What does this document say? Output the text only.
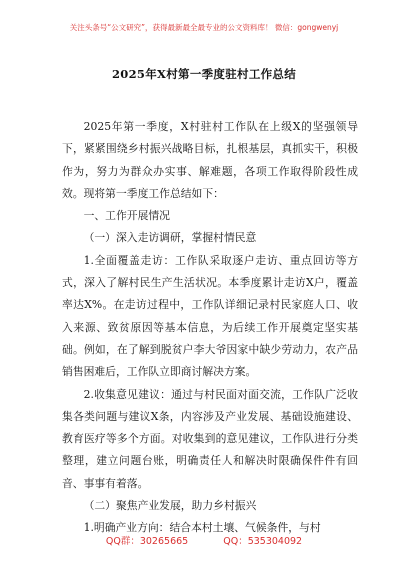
关注头条号“公文研究”，获得最新最全最专业的公文资料库！ 微信：gongwenyj
2025年X村第一季度驻村工作总结

2025年第一季度，X村驻村工作队在上级X的坚强领导下，紧紧围绕乡村振兴战略目标，扎根基层，真抓实干，积极作为，努力为群众办实事、解难题，各项工作取得阶段性成效。现将第一季度工作总结如下：

一、工作开展情况

（一）深入走访调研，掌握村情民意

1.全面覆盖走访：工作队采取逐户走访、重点回访等方式，深入了解村民生产生活状况。本季度累计走访X户，覆盖率达X%。在走访过程中，工作队详细记录村民家庭人口、收入来源、致贫原因等基本信息，为后续工作开展奠定坚实基础。例如，在了解到脱贫户李大爷因家中缺少劳动力，农产品销售困难后，工作队立即商讨解决方案。

2.收集意见建议：通过与村民面对面交流，工作队广泛收集各类问题与建议X条，内容涉及产业发展、基础设施建设、教育医疗等多个方面。对收集到的意见建议，工作队进行分类整理，建立问题台账，明确责任人和解决时限确保件件有回音、事事有着落。

（二）聚焦产业发展，助力乡村振兴

1.明确产业方向：结合本村土壤、气候条件，与村

QQ群：30265665	QQ：535304092
